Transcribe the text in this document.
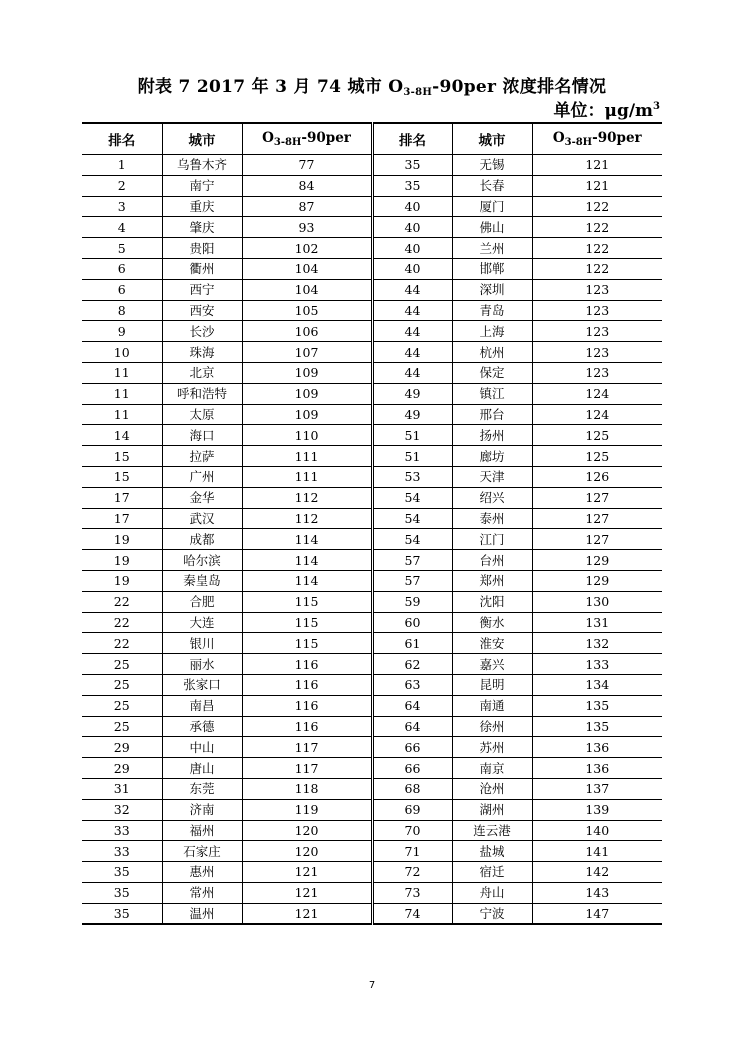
附表 7 2017 年 3 月 74 城市 $O_{3-8H}-90per$ 浓度排名情况
单位：$\mu g/m^3$
排名	城市	$O_{3-8H}-90per$	排名	城市	$O_{3-8H}-90per$
1	乌鲁木齐	77	35	无锡	121
2	南宁	84	35	长春	121
3	重庆	87	40	厦门	122
4	肇庆	93	40	佛山	122
5	贵阳	102	40	兰州	122
6	衢州	104	40	邯郸	122
6	西宁	104	44	深圳	123
8	西安	105	44	青岛	123
9	长沙	106	44	上海	123
10	珠海	107	44	杭州	123
11	北京	109	44	保定	123
11	呼和浩特	109	49	镇江	124
11	太原	109	49	邢台	124
14	海口	110	51	扬州	125
15	拉萨	111	51	廊坊	125
15	广州	111	53	天津	126
17	金华	112	54	绍兴	127
17	武汉	112	54	泰州	127
19	成都	114	54	江门	127
19	哈尔滨	114	57	台州	129
19	秦皇岛	114	57	郑州	129
22	合肥	115	59	沈阳	130
22	大连	115	60	衡水	131
22	银川	115	61	淮安	132
25	丽水	116	62	嘉兴	133
25	张家口	116	63	昆明	134
25	南昌	116	64	南通	135
25	承德	116	64	徐州	135
29	中山	117	66	苏州	136
29	唐山	117	66	南京	136
31	东莞	118	68	沧州	137
32	济南	119	69	湖州	139
33	福州	120	70	连云港	140
33	石家庄	120	71	盐城	141
35	惠州	121	72	宿迁	142
35	常州	121	73	舟山	143
35	温州	121	74	宁波	147
7
